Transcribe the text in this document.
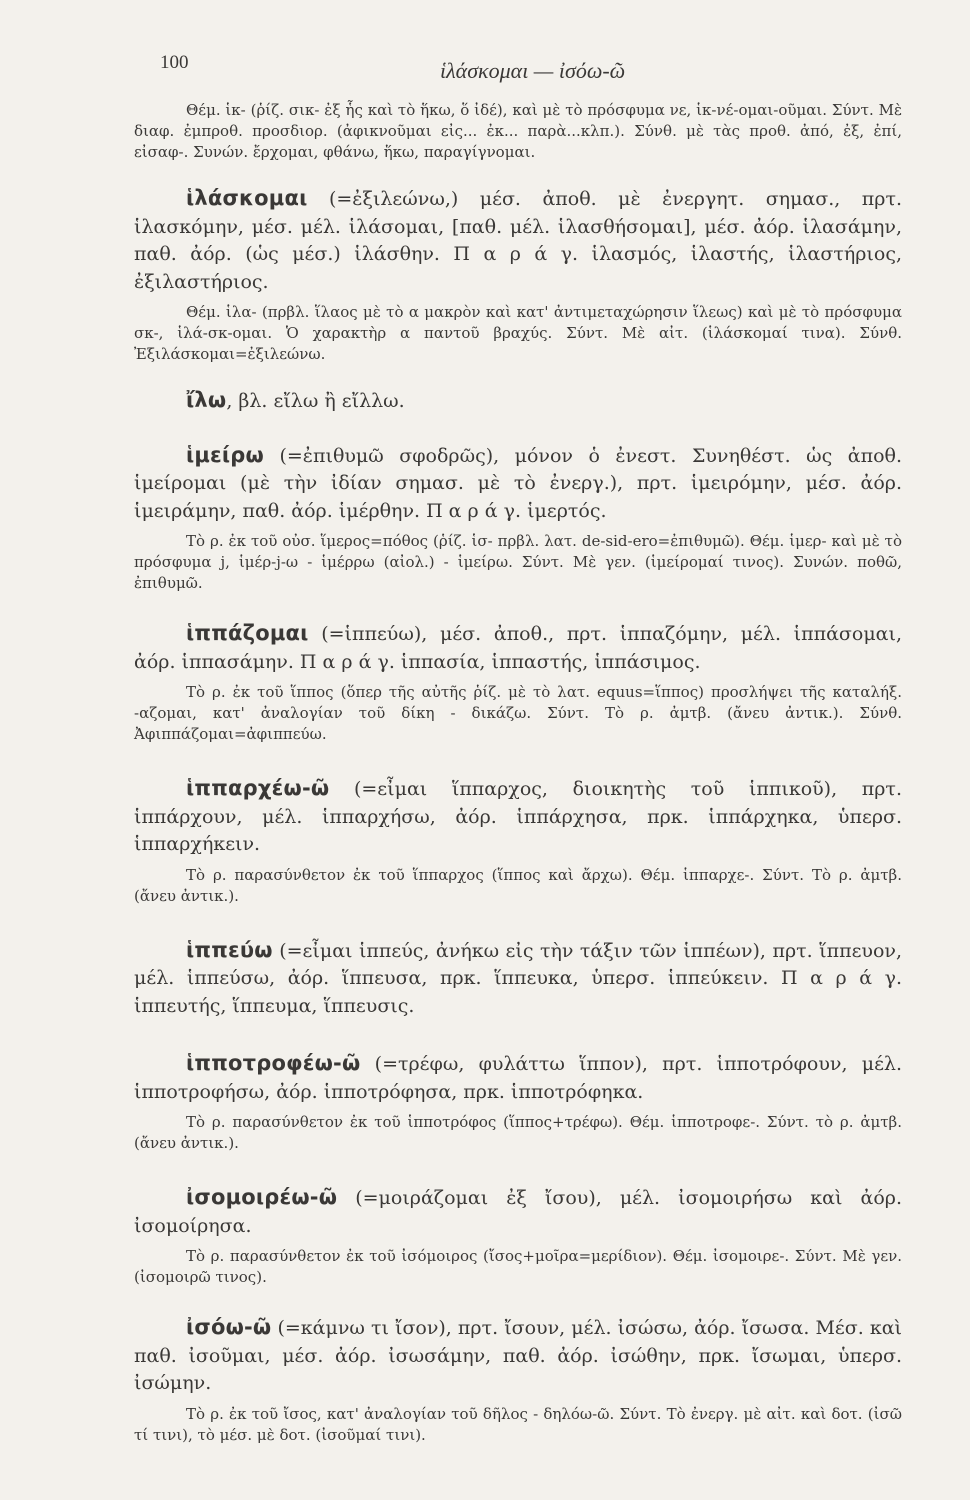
100	ἱλάσκομαι — ἰσόω-ῶ

Θέμ. ἱκ- (ῥίζ. σικ- ἐξ ἧς καὶ τὸ ἥκω, ὅ ἰδέ), καὶ μὲ τὸ πρόσφυμα νε, ἱκ-νέ-ομαι-οῦμαι. Σύντ. Μὲ διαφ. ἐμπροθ. προσδιορ. (ἀφικνοῦμαι εἰς... ἐκ... παρὰ...κλπ.). Σύνθ. μὲ τὰς προθ. ἀπό, ἐξ, ἐπί, εἰσαφ-. Συνών. ἔρχομαι, φθάνω, ἥκω, παραγίγνομαι.

ἱλάσκομαι (=ἐξιλεώνω,) μέσ. ἀποθ. μὲ ἐνεργητ. σημασ., πρτ. ἱλασκόμην, μέσ. μέλ. ἱλάσομαι, [παθ. μέλ. ἱλασθήσομαι], μέσ. ἀόρ. ἱλασάμην, παθ. ἀόρ. (ὡς μέσ.) ἱλάσθην. Π α ρ ά γ. ἱλασμός, ἱλαστής, ἱλαστήριος, ἐξιλαστήριος.

Θέμ. ἱλα- (πρβλ. ἵλαος μὲ τὸ α μακρὸν καὶ κατ' ἀντιμεταχώρησιν ἵλεως) καὶ μὲ τὸ πρόσφυμα σκ-, ἱλά-σκ-ομαι. Ὁ χαρακτὴρ α παντοῦ βραχύς. Σύντ. Μὲ αἰτ. (ἱλάσκομαί τινα). Σύνθ. Ἐξιλάσκομαι=ἐξιλεώνω.

ἴλω, βλ. εἴλω ἢ εἴλλω.

ἱμείρω (=ἐπιθυμῶ σφοδρῶς), μόνον ὁ ἐνεστ. Συνηθέστ. ὡς ἀποθ. ἱμείρομαι (μὲ τὴν ἰδίαν σημασ. μὲ τὸ ἐνεργ.), πρτ. ἱμειρόμην, μέσ. ἀόρ. ἱμειράμην, παθ. ἀόρ. ἱμέρθην. Π α ρ ά γ. ἱμερτός.

Τὸ ρ. ἐκ τοῦ οὐσ. ἵμερος=πόθος (ῥίζ. ἱσ- πρβλ. λατ. de-sid-ero=ἐπιθυμῶ). Θέμ. ἱμερ- καὶ μὲ τὸ πρόσφυμα j, ἱμέρ-j-ω - ἱμέρρω (αἰολ.) - ἱμείρω. Σύντ. Μὲ γεν. (ἱμείρομαί τινος). Συνών. ποθῶ, ἐπιθυμῶ.

ἱππάζομαι (=ἱππεύω), μέσ. ἀποθ., πρτ. ἱππαζόμην, μέλ. ἱππάσομαι, ἀόρ. ἱππασάμην. Π α ρ ά γ. ἱππασία, ἱππαστής, ἱππάσιμος.

Τὸ ρ. ἐκ τοῦ ἵππος (ὅπερ τῆς αὐτῆς ῥίζ. μὲ τὸ λατ. equus=ἵππος) προσλήψει τῆς καταλήξ. -αζομαι, κατ' ἀναλογίαν τοῦ δίκη - δικάζω. Σύντ. Τὸ ρ. ἀμτβ. (ἄνευ ἀντικ.). Σύνθ. Ἀφιππάζομαι=ἀφιππεύω.

ἱππαρχέω-ῶ (=εἶμαι ἵππαρχος, διοικητὴς τοῦ ἱππικοῦ), πρτ. ἱππάρχουν, μέλ. ἱππαρχήσω, ἀόρ. ἱππάρχησα, πρκ. ἱππάρχηκα, ὑπερσ. ἱππαρχήκειν.

Τὸ ρ. παρασύνθετον ἐκ τοῦ ἵππαρχος (ἵππος καὶ ἄρχω). Θέμ. ἱππαρχε-. Σύντ. Τὸ ρ. ἀμτβ. (ἄνευ ἀντικ.).

ἱππεύω (=εἶμαι ἱππεύς, ἀνήκω εἰς τὴν τάξιν τῶν ἱππέων), πρτ. ἵππευον, μέλ. ἱππεύσω, ἀόρ. ἵππευσα, πρκ. ἵππευκα, ὑπερσ. ἱππεύκειν. Π α ρ ά γ. ἱππευτής, ἵππευμα, ἵππευσις.

ἱπποτροφέω-ῶ (=τρέφω, φυλάττω ἵππον), πρτ. ἱπποτρόφουν, μέλ. ἱπποτροφήσω, ἀόρ. ἱπποτρόφησα, πρκ. ἱπποτρόφηκα.

Τὸ ρ. παρασύνθετον ἐκ τοῦ ἱπποτρόφος (ἵππος+τρέφω). Θέμ. ἱπποτροφε-. Σύντ. τὸ ρ. ἀμτβ. (ἄνευ ἀντικ.).

ἰσομοιρέω-ῶ (=μοιράζομαι ἐξ ἴσου), μέλ. ἰσομοιρήσω καὶ ἀόρ. ἰσομοίρησα.

Τὸ ρ. παρασύνθετον ἐκ τοῦ ἰσόμοιρος (ἴσος+μοῖρα=μερίδιον). Θέμ. ἰσομοιρε-. Σύντ. Μὲ γεν. (ἰσομοιρῶ τινος).

ἰσόω-ῶ (=κάμνω τι ἴσον), πρτ. ἴσουν, μέλ. ἰσώσω, ἀόρ. ἴσωσα. Μέσ. καὶ παθ. ἰσοῦμαι, μέσ. ἀόρ. ἰσωσάμην, παθ. ἀόρ. ἰσώθην, πρκ. ἴσωμαι, ὑπερσ. ἰσώμην.

Τὸ ρ. ἐκ τοῦ ἴσος, κατ' ἀναλογίαν τοῦ δῆλος - δηλόω-ῶ. Σύντ. Τὸ ἐνεργ. μὲ αἰτ. καὶ δοτ. (ἰσῶ τί τινι), τὸ μέσ. μὲ δοτ. (ἰσοῦμαί τινι).
